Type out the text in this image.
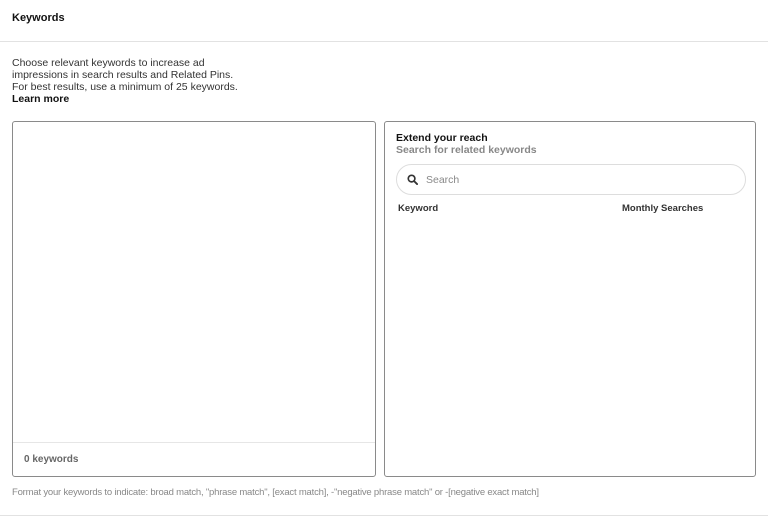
Keywords
Choose relevant keywords to increase ad
impressions in search results and Related Pins.
For best results, use a minimum of 25 keywords.
Learn more
0 keywords
Extend your reach
Search for related keywords
Search
Keyword	Monthly Searches
Format your keywords to indicate: broad match, "phrase match", [exact match], -"negative phrase match" or -[negative exact match]
